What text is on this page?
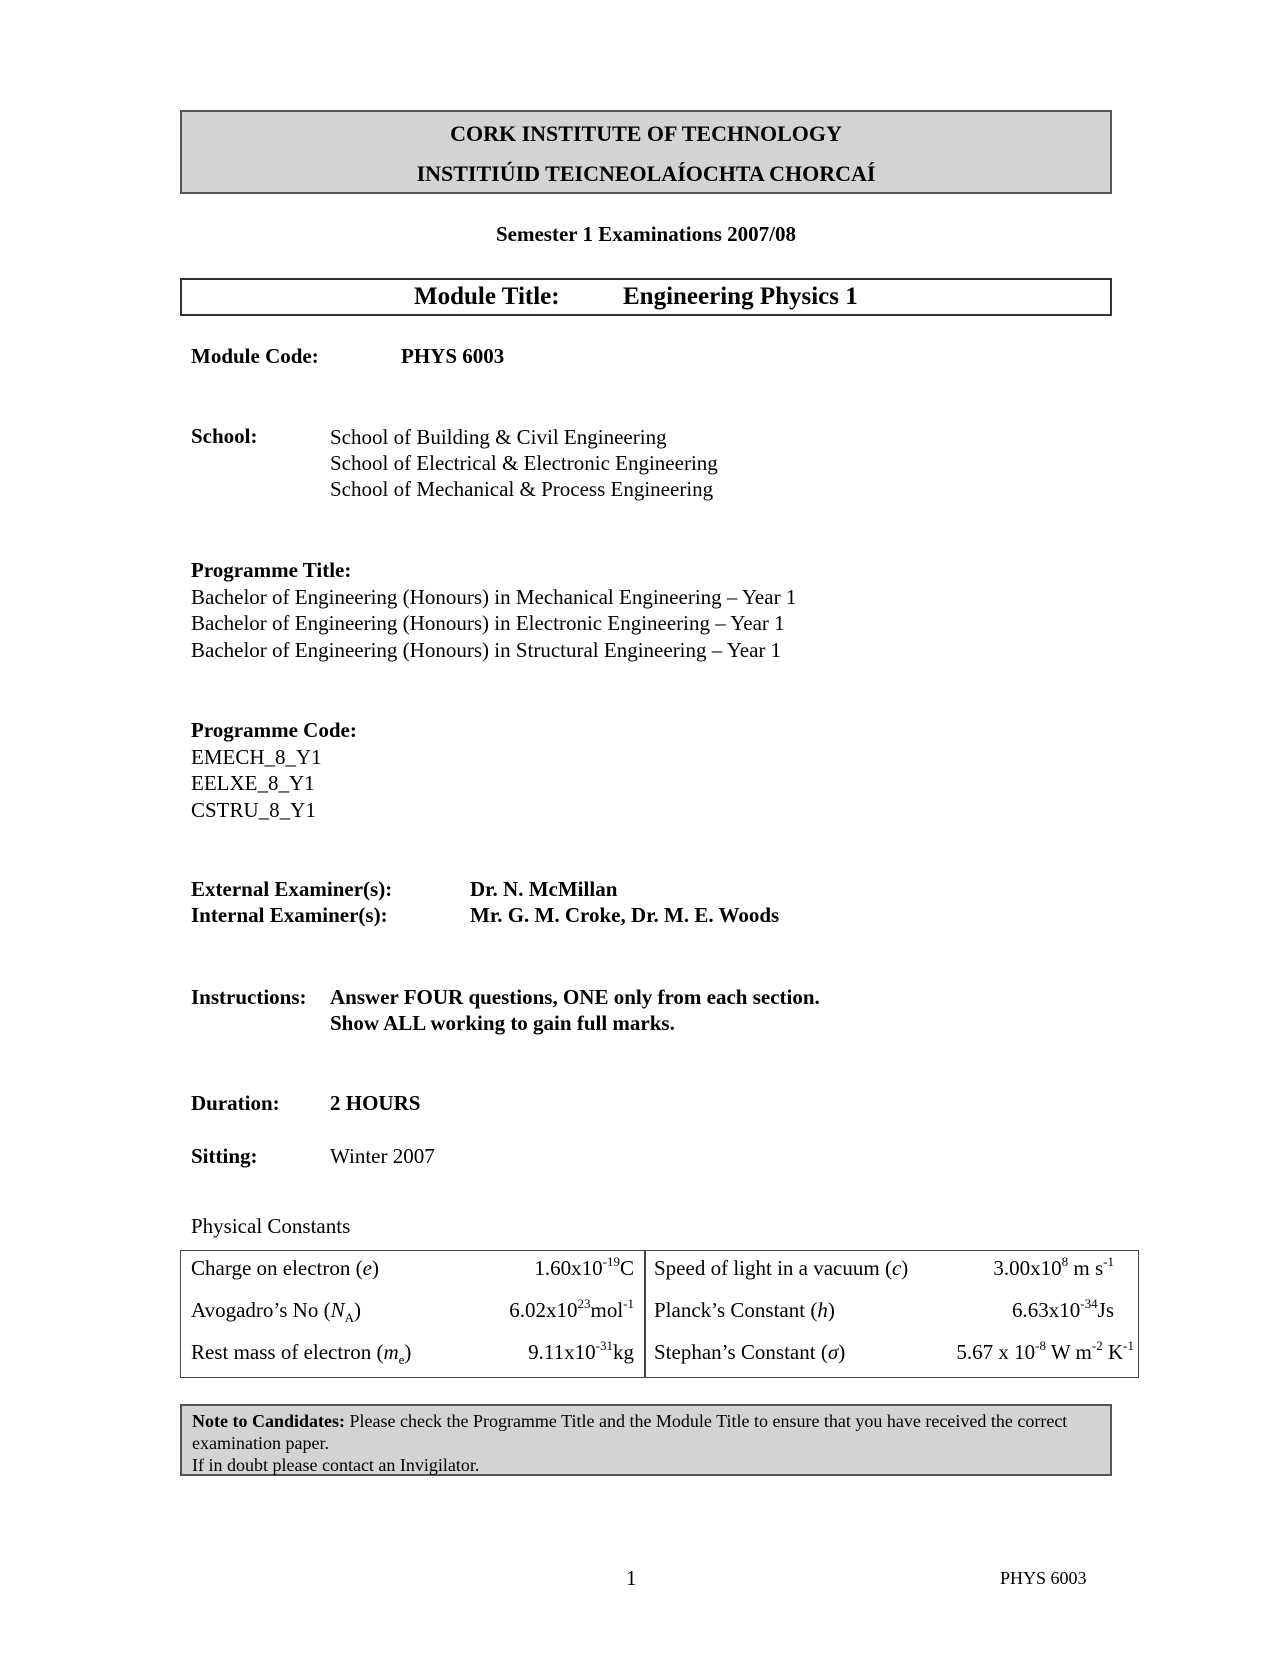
CORK INSTITUTE OF TECHNOLOGY
INSTITIÚID TEICNEOLAÍOCHTA CHORCAÍ
Semester 1 Examinations 2007/08
Module Title:	Engineering Physics 1
Module Code:	PHYS 6003
School:	School of Building & Civil Engineering
School of Electrical & Electronic Engineering
School of Mechanical & Process Engineering
Programme Title:
Bachelor of Engineering (Honours) in Mechanical Engineering – Year 1
Bachelor of Engineering (Honours) in Electronic Engineering – Year 1
Bachelor of Engineering (Honours) in Structural Engineering – Year 1
Programme Code:
EMECH_8_Y1
EELXE_8_Y1
CSTRU_8_Y1
External Examiner(s):	Dr. N. McMillan
Internal Examiner(s):	Mr. G. M. Croke, Dr. M. E. Woods
Instructions: Answer FOUR questions, ONE only from each section.
Show ALL working to gain full marks.
Duration: 2 HOURS
Sitting:	Winter 2007
Physical Constants
Charge on electron (e)	$1.60x10^{-19}C$ Speed of light in a vacuum (c)	$3.00x10^8$ m $s^{-1}$
Avogadro’s No $(N_A)$	$6.02x10^{23}mol^{-1}$ Planck’s Constant (h)	$6.63x10^{-34}Js$
Rest mass of electron $(m_e)$	$9.11x10^{-31}kg$ Stephan’s Constant (σ)	5.67 x $10^{-8}$ W $m^{-2}$ $K^{-1}$
Note to Candidates: Please check the Programme Title and the Module Title to ensure that you have received the correct examination paper.
If in doubt please contact an Invigilator.
1	PHYS 6003
